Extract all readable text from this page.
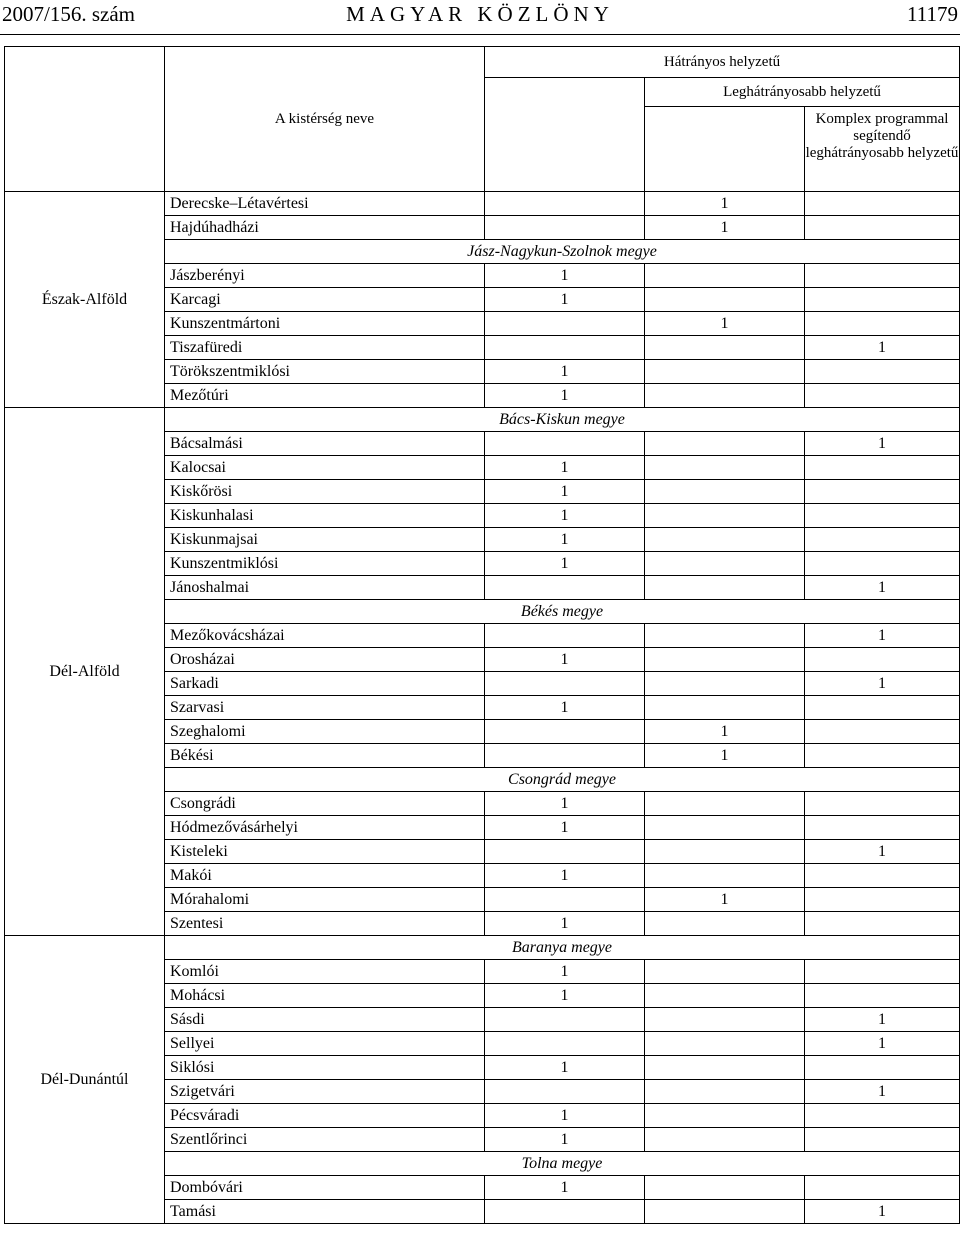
2007/156. szám	MAGYAR KÖZLÖNY	11179
	A kistérség neve	Hátrányos helyzetű		
			Leghátrányosabb helyzetű	
				Komplex programmal segítendő leghátrányosabb helyzetű
Észak-Alföld	Derecske–Létavértesi		1	
	Hajdúhadházi		1	
	Jász-Nagykun-Szolnok megye			
	Jászberényi	1		
	Karcagi	1		
	Kunszentmártoni		1	
	Tiszafüredi			1
	Törökszentmiklósi	1		
	Mezőtúri	1		
Dél-Alföld	Bács-Kiskun megye			
	Bácsalmási			1
	Kalocsai	1		
	Kiskőrösi	1		
	Kiskunhalasi	1		
	Kiskunmajsai	1		
	Kunszentmiklósi	1		
	Jánoshalmai			1
	Békés megye			
	Mezőkovácsházai			1
	Orosházai	1		
	Sarkadi			1
	Szarvasi	1		
	Szeghalomi		1	
	Békési		1	
	Csongrád megye			
	Csongrádi	1		
	Hódmezővásárhelyi	1		
	Kisteleki			1
	Makói	1		
	Mórahalomi		1	
	Szentesi	1		
Dél-Dunántúl	Baranya megye			
	Komlói	1		
	Mohácsi	1		
	Sásdi			1
	Sellyei			1
	Siklósi	1		
	Szigetvári			1
	Pécsváradi	1		
	Szentlőrinci	1		
	Tolna megye			
	Dombóvári	1		
	Tamási			1
